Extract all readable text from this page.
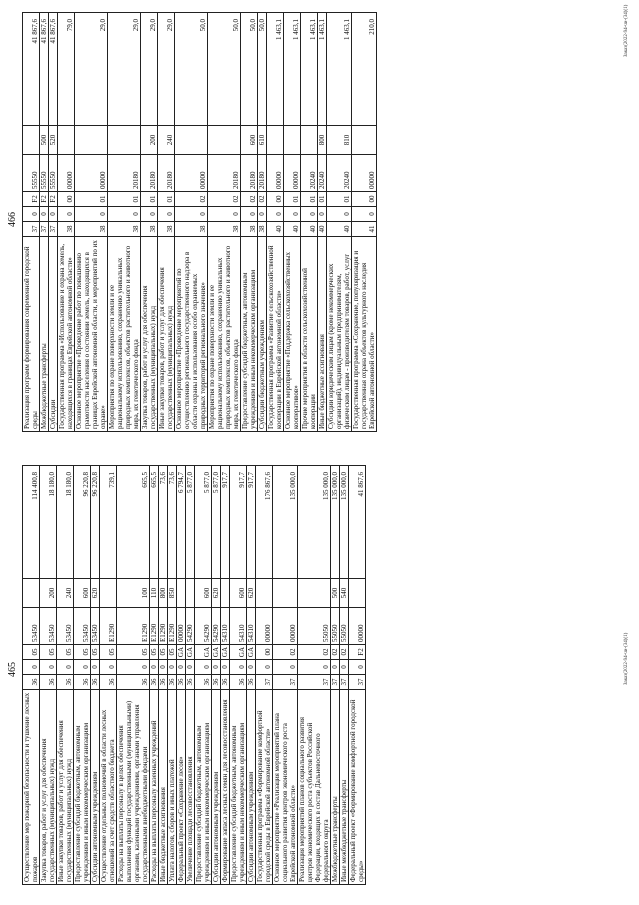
465
Осуществление мер пожарной безопасности и тушение лесных пожаров	36	0	05	53450		114 400,8
Закупка товаров, работ и услуг для обеспечения государственных (муниципальных) нужд	36	0	05	53450	200	18 180,0
Иные закупки товаров, работ и услуг для обеспечения государственных (муниципальных) нужд	36	0	05	53450	240	18 180,0
Предоставление субсидий бюджетным, автономным учреждениям и иным некоммерческим организациям	36	0	05	53450	600	96 220,8
Субсидии автономным учреждениям	36	0	05	53450	620	96 220,8
Осуществление отдельных полномочий в области лесных отношений за счет средств областного бюджета	36	0	05	E1290		739,1
Расходы на выплаты персоналу в целях обеспечения выполнения функций государственными (муниципальными) органами, казенными учреждениями, органами управления государственными внебюджетными фондами	36	0	05	E1290	100	665,5
Расходы на выплаты персоналу казенных учреждений	36	0	05	E1290	110	665,5
Иные бюджетные ассигнования	36	0	05	E1290	800	73,6
Уплата налогов, сборов и иных платежей	36	0	05	E1290	850	73,6
Федеральный проект «Сохранение лесов»	36	0	GA	00000		6 794,7
Увеличение площади лесовосстановления	36	0	GA	54290		5 877,0
Предоставление субсидий бюджетным, автономным учреждениям и иным некоммерческим организациям	36	0	GA	54290	600	5 877,0
Субсидии автономным учреждениям	36	0	GA	54290	620	5 877,0
Формирование запаса лесных семян для лесовосстановления	36	0	GA	54310		917,7
Предоставление субсидий бюджетным, автономным учреждениям и иным некоммерческим организациям	36	0	GA	54310	600	917,7
Субсидии автономным учреждениям	36	0	GA	54310	620	917,7
Государственная программа «Формирование комфортной городской среды в Еврейской автономной области»	37	0	00	00000		176 867,6
Основное мероприятие «Реализация мероприятий плана социального развития центров экономического роста Еврейской автономной области»	37	0	02	00000		135 000,0
Реализация мероприятий планов социального развития центров экономического роста субъектов Российской Федерации, входящих в состав Дальневосточного федерального округа	37	0	02	55050		135 000,0
Межбюджетные трансферты	37	0	02	55050	500	135 000,0
Иные межбюджетные трансферты	37	0	02	55050	540	135 000,0
Федеральный проект «Формирование комфортной городской среды»	37	0	F2	00000		41 867,6
Заказ(2022-94-чи-(34)(1)
466
Реализация программ формирования современной городской среды	37	0	F2	55550		41 867,6
Межбюджетные трансферты	37	0	F2	55550	500	41 867,6
Субсидии	37	0	F2	55550	520	41 867,6
Государственная программа «Использование и охрана земель, находящихся в границах Еврейской автономной области»	38	0	00	00000		79,0
Основное мероприятие «Проведение работ по повышению грамотности населения о состоянии земель, находящихся в границах Еврейской автономной области, и мероприятий по их охране»	38	0	01	00000		29,0
Мероприятия по охране поверхности земли и ее рациональному использованию, сохранению уникальных природных комплексов, объектов растительного и животного мира, их генетического фонда	38	0	01	20180		29,0
Закупка товаров, работ и услуг для обеспечения государственных (муниципальных) нужд	38	0	01	20180	200	29,0
Иные закупки товаров, работ и услуг для обеспечения государственных (муниципальных) нужд	38	0	01	20180	240	29,0
Основное мероприятие «Проведение мероприятий по осуществлению регионального государственного надзора в области охраны и использования особо охраняемых природных территорий регионального значения»	38	0	02	00000		50,0
Мероприятия по охране поверхности земли и ее рациональному использованию, сохранению уникальных природных комплексов, объектов растительного и животного мира, их генетического фонда	38	0	02	20180		50,0
Предоставление субсидий бюджетным, автономным учреждениям и иным некоммерческим организациям	38	0	02	20180	600	50,0
Субсидии бюджетным учреждениям	38	0	02	20180	610	50,0
Государственная программа «Развитие сельскохозяйственной кооперации в Еврейской автономной области»	40	0	00	00000		1 463,1
Основное мероприятие «Поддержка сельскохозяйственных кооперативов»	40	0	01	00000		1 463,1
Прочие мероприятия в области сельскохозяйственной кооперации	40	0	01	20240		1 463,1
Иные бюджетные ассигнования	40	0	01	20240	800	1 463,1
Субсидии юридическим лицам (кроме некоммерческих организаций), индивидуальным предпринимателям, физическим лицам - производителям товаров, работ, услуг	40	0	01	20240	810	1 463,1
Государственная программа «Сохранение, популяризация и государственная охрана объектов культурного наследия Еврейской автономной области»	41	0	00	00000		210,0	Заказ(2022-94-чи-(34)(1)
